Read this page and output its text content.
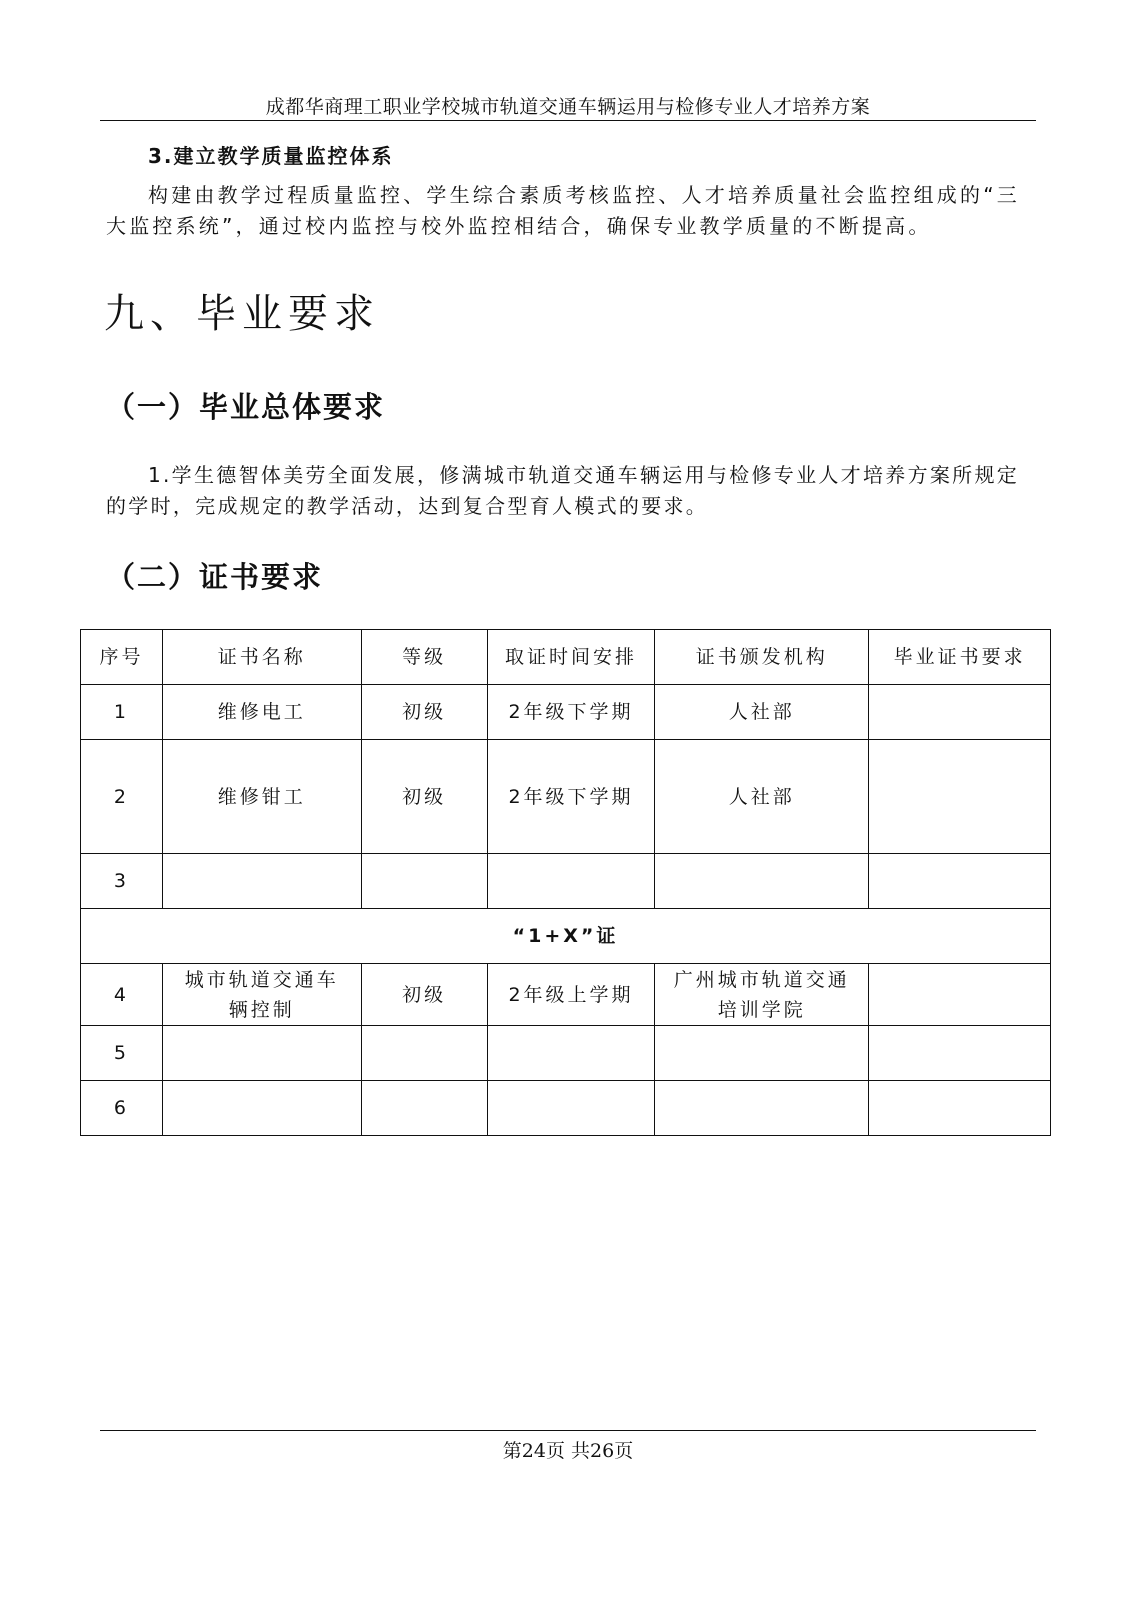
成都华商理工职业学校城市轨道交通车辆运用与检修专业人才培养方案
3.建立教学质量监控体系
构建由教学过程质量监控、学生综合素质考核监控、人才培养质量社会监控组成的“三大监控系统”，通过校内监控与校外监控相结合，确保专业教学质量的不断提高。
九、毕业要求
（一）毕业总体要求
1.学生德智体美劳全面发展，修满城市轨道交通车辆运用与检修专业人才培养方案所规定的学时，完成规定的教学活动，达到复合型育人模式的要求。
（二）证书要求
序号	证书名称	等级	取证时间安排	证书颁发机构	毕业证书要求
1	维修电工	初级	2年级下学期	人社部	
2	维修钳工	初级	2年级下学期	人社部	
3					
“1+X”证					
4	城市轨道交通车辆控制	初级	2年级上学期	广州城市轨道交通培训学院	
5					
6					
第24页 共26页
